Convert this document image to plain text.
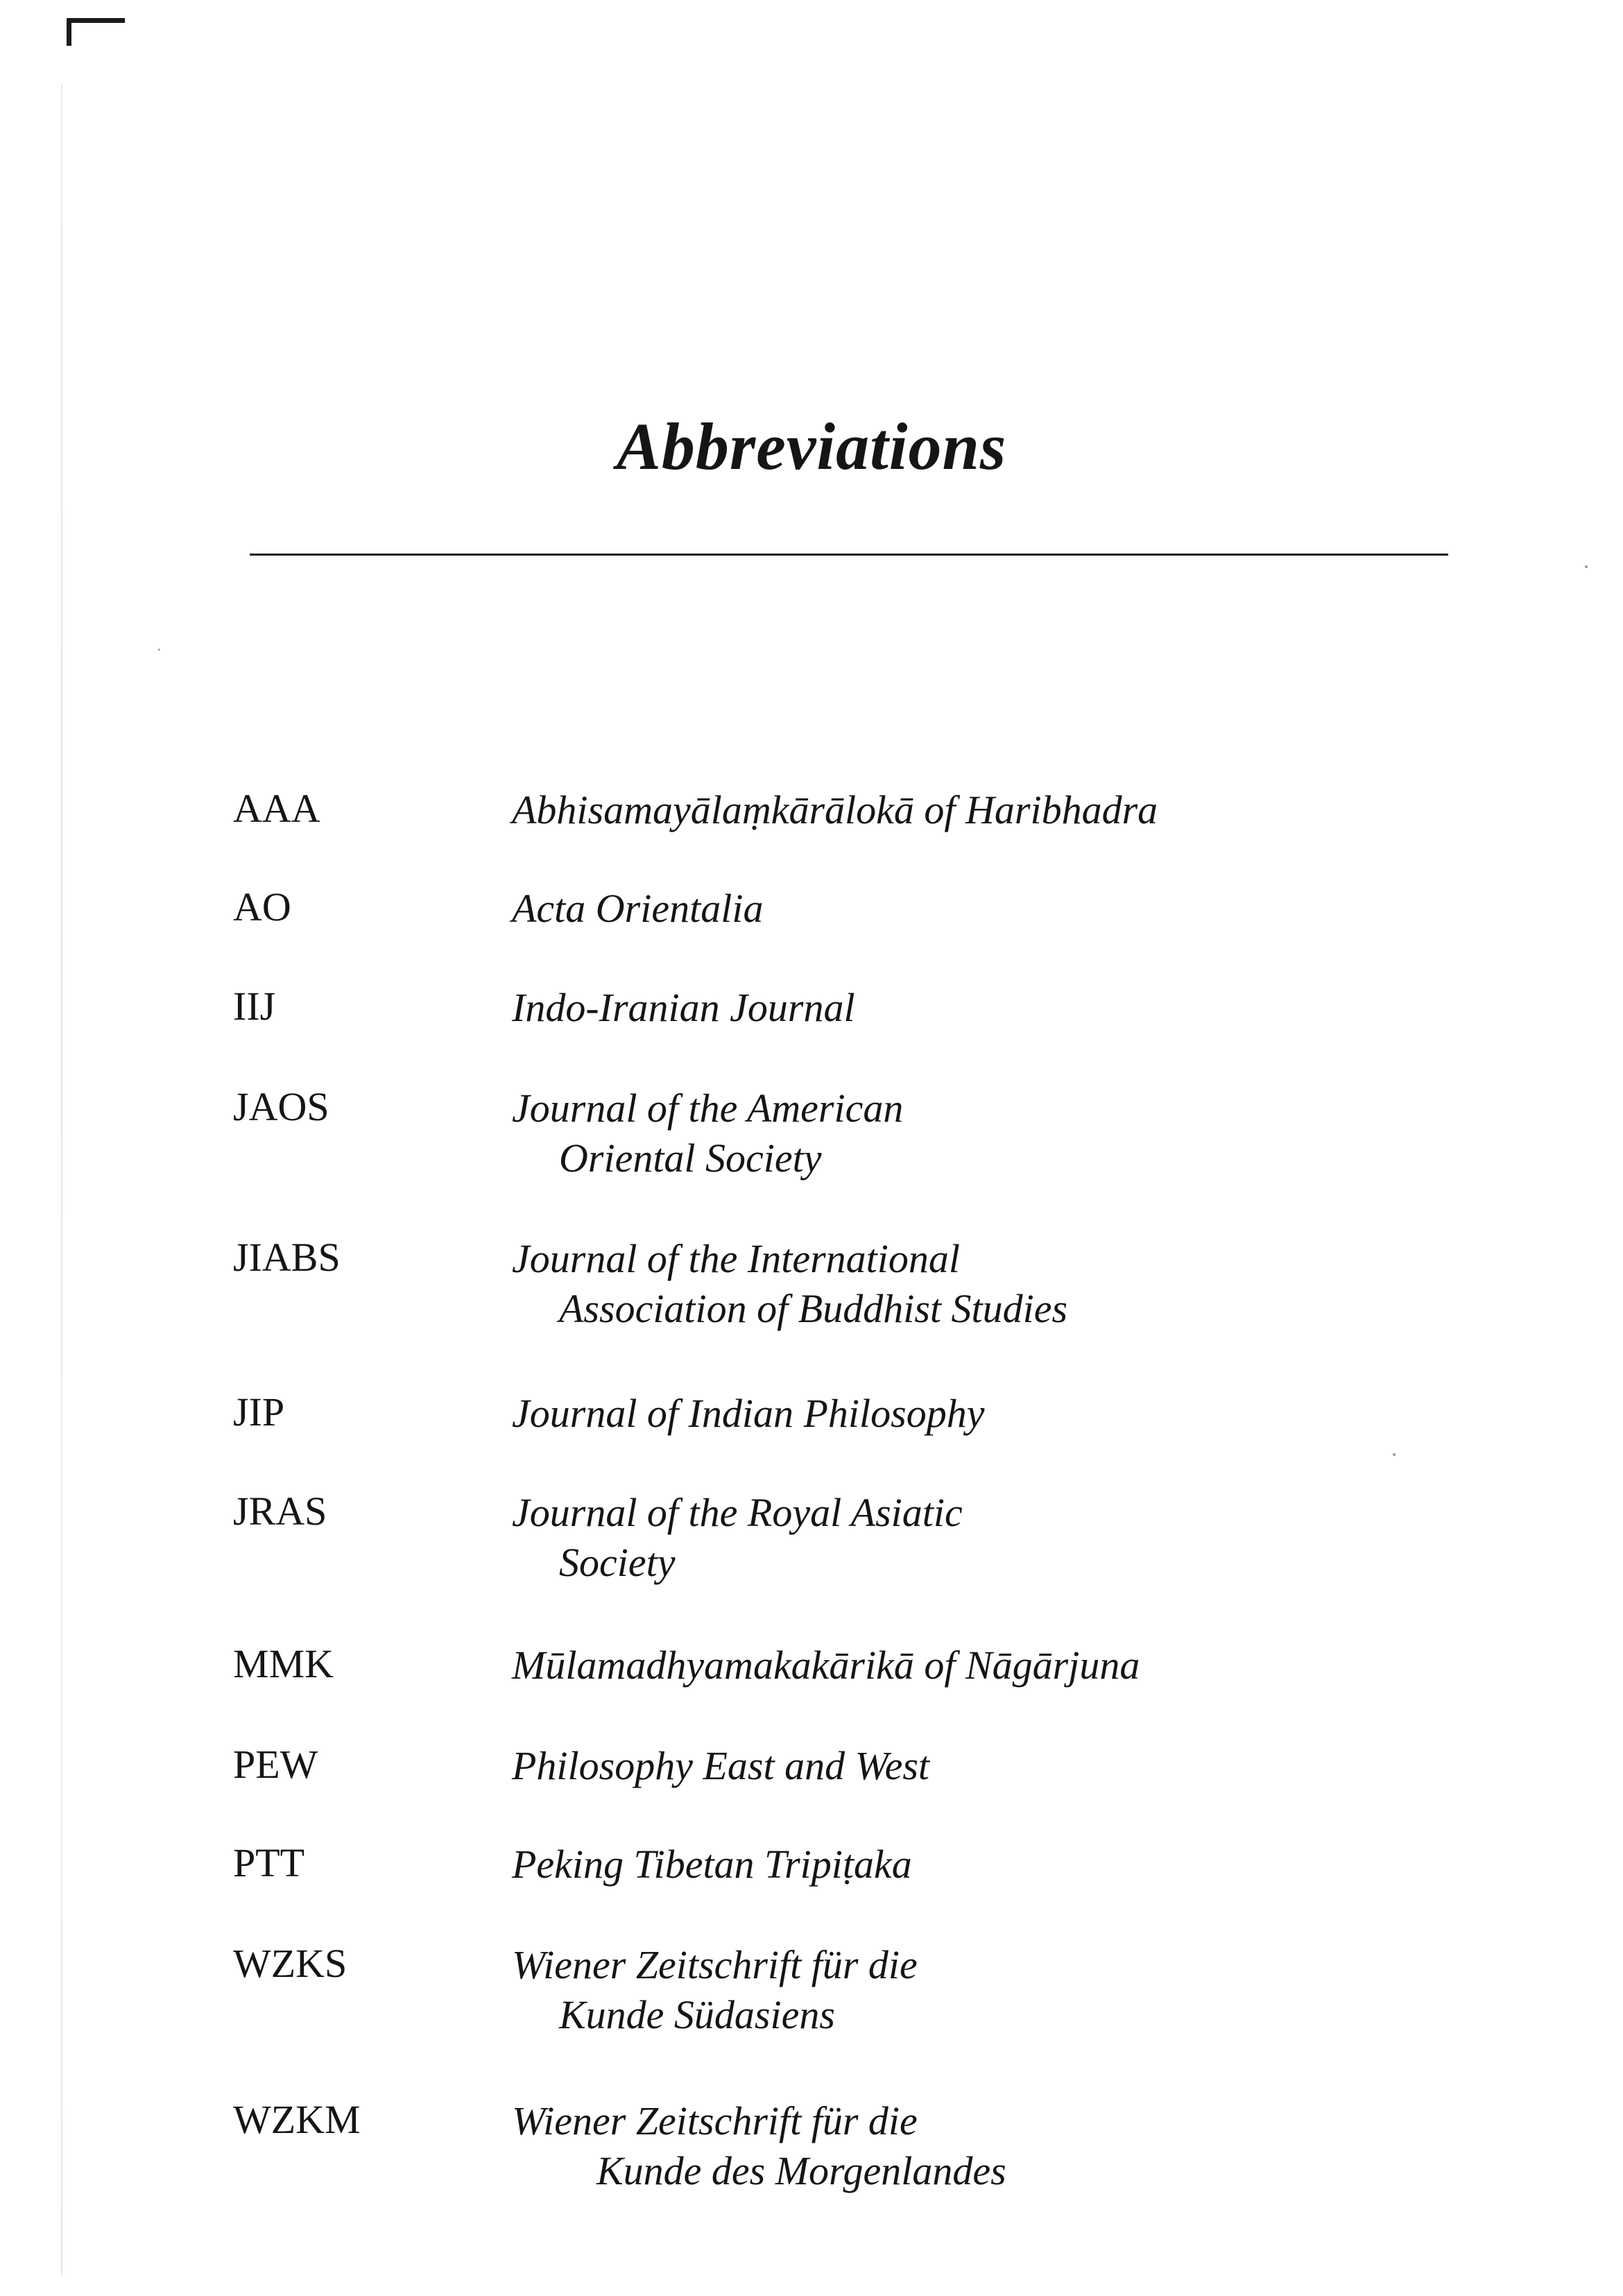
Abbreviations
AAA	Abhisamayālaṃkārālokā of Haribhadra
AO	Acta Orientalia
IIJ	Indo-Iranian Journal
JAOS	Journal of the American
Oriental Society
JIABS	Journal of the International
Association of Buddhist Studies
JIP	Journal of Indian Philosophy
JRAS	Journal of the Royal Asiatic
Society
MMK	Mūlamadhyamakakārikā of Nāgārjuna
PEW	Philosophy East and West
PTT	Peking Tibetan Tripiṭaka
WZKS	Wiener Zeitschrift für die
Kunde Südasiens
WZKM	Wiener Zeitschrift für die
Kunde des Morgenlandes
